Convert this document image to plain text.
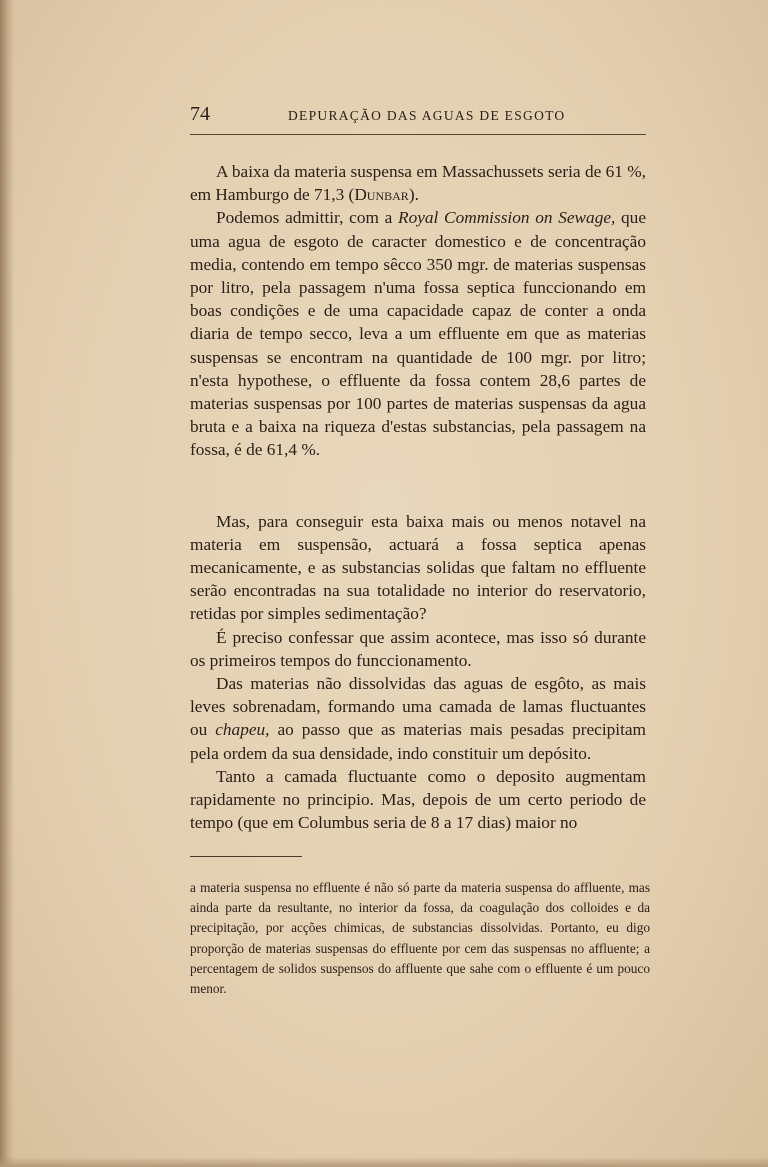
74	DEPURAÇÃO DAS AGUAS DE ESGOTO

A baixa da materia suspensa em Massachussets seria de 61 %, em Hamburgo de 71,3 (Dunbar).

Podemos admittir, com a Royal Commission on Sewage, que uma agua de esgoto de caracter domestico e de concentração media, contendo em tempo sêcco 350 mgr. de materias suspensas por litro, pela passagem n'uma fossa septica funccionando em boas condições e de uma capacidade capaz de conter a onda diaria de tempo secco, leva a um effluente em que as materias suspensas se encontram na quantidade de 100 mgr. por litro; n'esta hypothese, o effluente da fossa contem 28,6 partes de materias suspensas por 100 partes de materias suspensas da agua bruta e a baixa na riqueza d'estas substancias, pela passagem na fossa, é de 61,4 %.

Mas, para conseguir esta baixa mais ou menos notavel na materia em suspensão, actuará a fossa septica apenas mecanicamente, e as substancias solidas que faltam no effluente serão encontradas na sua totalidade no interior do reservatorio, retidas por simples sedimentação?

É preciso confessar que assim acontece, mas isso só durante os primeiros tempos do funccionamento.

Das materias não dissolvidas das aguas de esgôto, as mais leves sobrenadam, formando uma camada de lamas fluctuantes ou chapeu, ao passo que as materias mais pesadas precipitam pela ordem da sua densidade, indo constituir um depósito.

Tanto a camada fluctuante como o deposito augmentam rapidamente no principio. Mas, depois de um certo periodo de tempo (que em Columbus seria de 8 a 17 dias) maior no

a materia suspensa no effluente é não só parte da materia suspensa do affluente, mas ainda parte da resultante, no interior da fossa, da coagulação dos colloides e da precipitação, por acções chimicas, de substancias dissolvidas. Portanto, eu digo proporção de materias suspensas do effluente por cem das suspensas no affluente; a percentagem de solidos suspensos do affluente que sahe com o effluente é um pouco menor.
